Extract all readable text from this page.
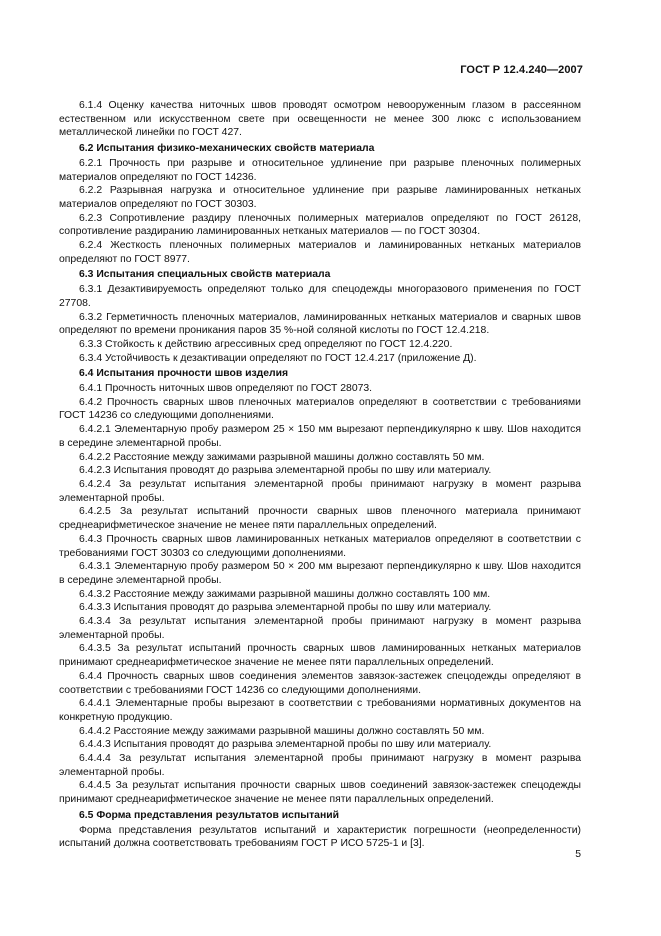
ГОСТ Р 12.4.240—2007
6.1.4 Оценку качества ниточных швов проводят осмотром невооруженным глазом в рассеянном естественном или искусственном свете при освещенности не менее 300 люкс с использованием металлической линейки по ГОСТ 427.
6.2 Испытания физико-механических свойств материала
6.2.1 Прочность при разрыве и относительное удлинение при разрыве пленочных полимерных материалов определяют по ГОСТ 14236.
6.2.2 Разрывная нагрузка и относительное удлинение при разрыве ламинированных нетканых материалов определяют по ГОСТ 30303.
6.2.3 Сопротивление раздиру пленочных полимерных материалов определяют по ГОСТ 26128, сопротивление раздиранию ламинированных нетканых материалов — по ГОСТ 30304.
6.2.4 Жесткость пленочных полимерных материалов и ламинированных нетканых материалов определяют по ГОСТ 8977.
6.3 Испытания специальных свойств материала
6.3.1 Дезактивируемость определяют только для спецодежды многоразового применения по ГОСТ 27708.
6.3.2 Герметичность пленочных материалов, ламинированных нетканых материалов и сварных швов определяют по времени проникания паров 35 %-ной соляной кислоты по ГОСТ 12.4.218.
6.3.3 Стойкость к действию агрессивных сред определяют по ГОСТ 12.4.220.
6.3.4 Устойчивость к дезактивации определяют по ГОСТ 12.4.217 (приложение Д).
6.4 Испытания прочности швов изделия
6.4.1 Прочность ниточных швов определяют по ГОСТ 28073.
6.4.2 Прочность сварных швов пленочных материалов определяют в соответствии с требованиями ГОСТ 14236 со следующими дополнениями.
6.4.2.1 Элементарную пробу размером 25 × 150 мм вырезают перпендикулярно к шву. Шов находится в середине элементарной пробы.
6.4.2.2 Расстояние между зажимами разрывной машины должно составлять 50 мм.
6.4.2.3 Испытания проводят до разрыва элементарной пробы по шву или материалу.
6.4.2.4 За результат испытания элементарной пробы принимают нагрузку в момент разрыва элементарной пробы.
6.4.2.5 За результат испытаний прочности сварных швов пленочного материала принимают среднеарифметическое значение не менее пяти параллельных определений.
6.4.3 Прочность сварных швов ламинированных нетканых материалов определяют в соответствии с требованиями ГОСТ 30303 со следующими дополнениями.
6.4.3.1 Элементарную пробу размером 50 × 200 мм вырезают перпендикулярно к шву. Шов находится в середине элементарной пробы.
6.4.3.2 Расстояние между зажимами разрывной машины должно составлять 100 мм.
6.4.3.3 Испытания проводят до разрыва элементарной пробы по шву или материалу.
6.4.3.4 За результат испытания элементарной пробы принимают нагрузку в момент разрыва элементарной пробы.
6.4.3.5 За результат испытаний прочность сварных швов ламинированных нетканых материалов принимают среднеарифметическое значение не менее пяти параллельных определений.
6.4.4 Прочность сварных швов соединения элементов завязок-застежек спецодежды определяют в соответствии с требованиями ГОСТ 14236 со следующими дополнениями.
6.4.4.1 Элементарные пробы вырезают в соответствии с требованиями нормативных документов на конкретную продукцию.
6.4.4.2 Расстояние между зажимами разрывной машины должно составлять 50 мм.
6.4.4.3 Испытания проводят до разрыва элементарной пробы по шву или материалу.
6.4.4.4 За результат испытания элементарной пробы принимают нагрузку в момент разрыва элементарной пробы.
6.4.4.5 За результат испытания прочности сварных швов соединений завязок-застежек спецодежды принимают среднеарифметическое значение не менее пяти параллельных определений.
6.5 Форма представления результатов испытаний
Форма представления результатов испытаний и характеристик погрешности (неопределенности) испытаний должна соответствовать требованиям ГОСТ Р ИСО 5725-1 и [3].
5
